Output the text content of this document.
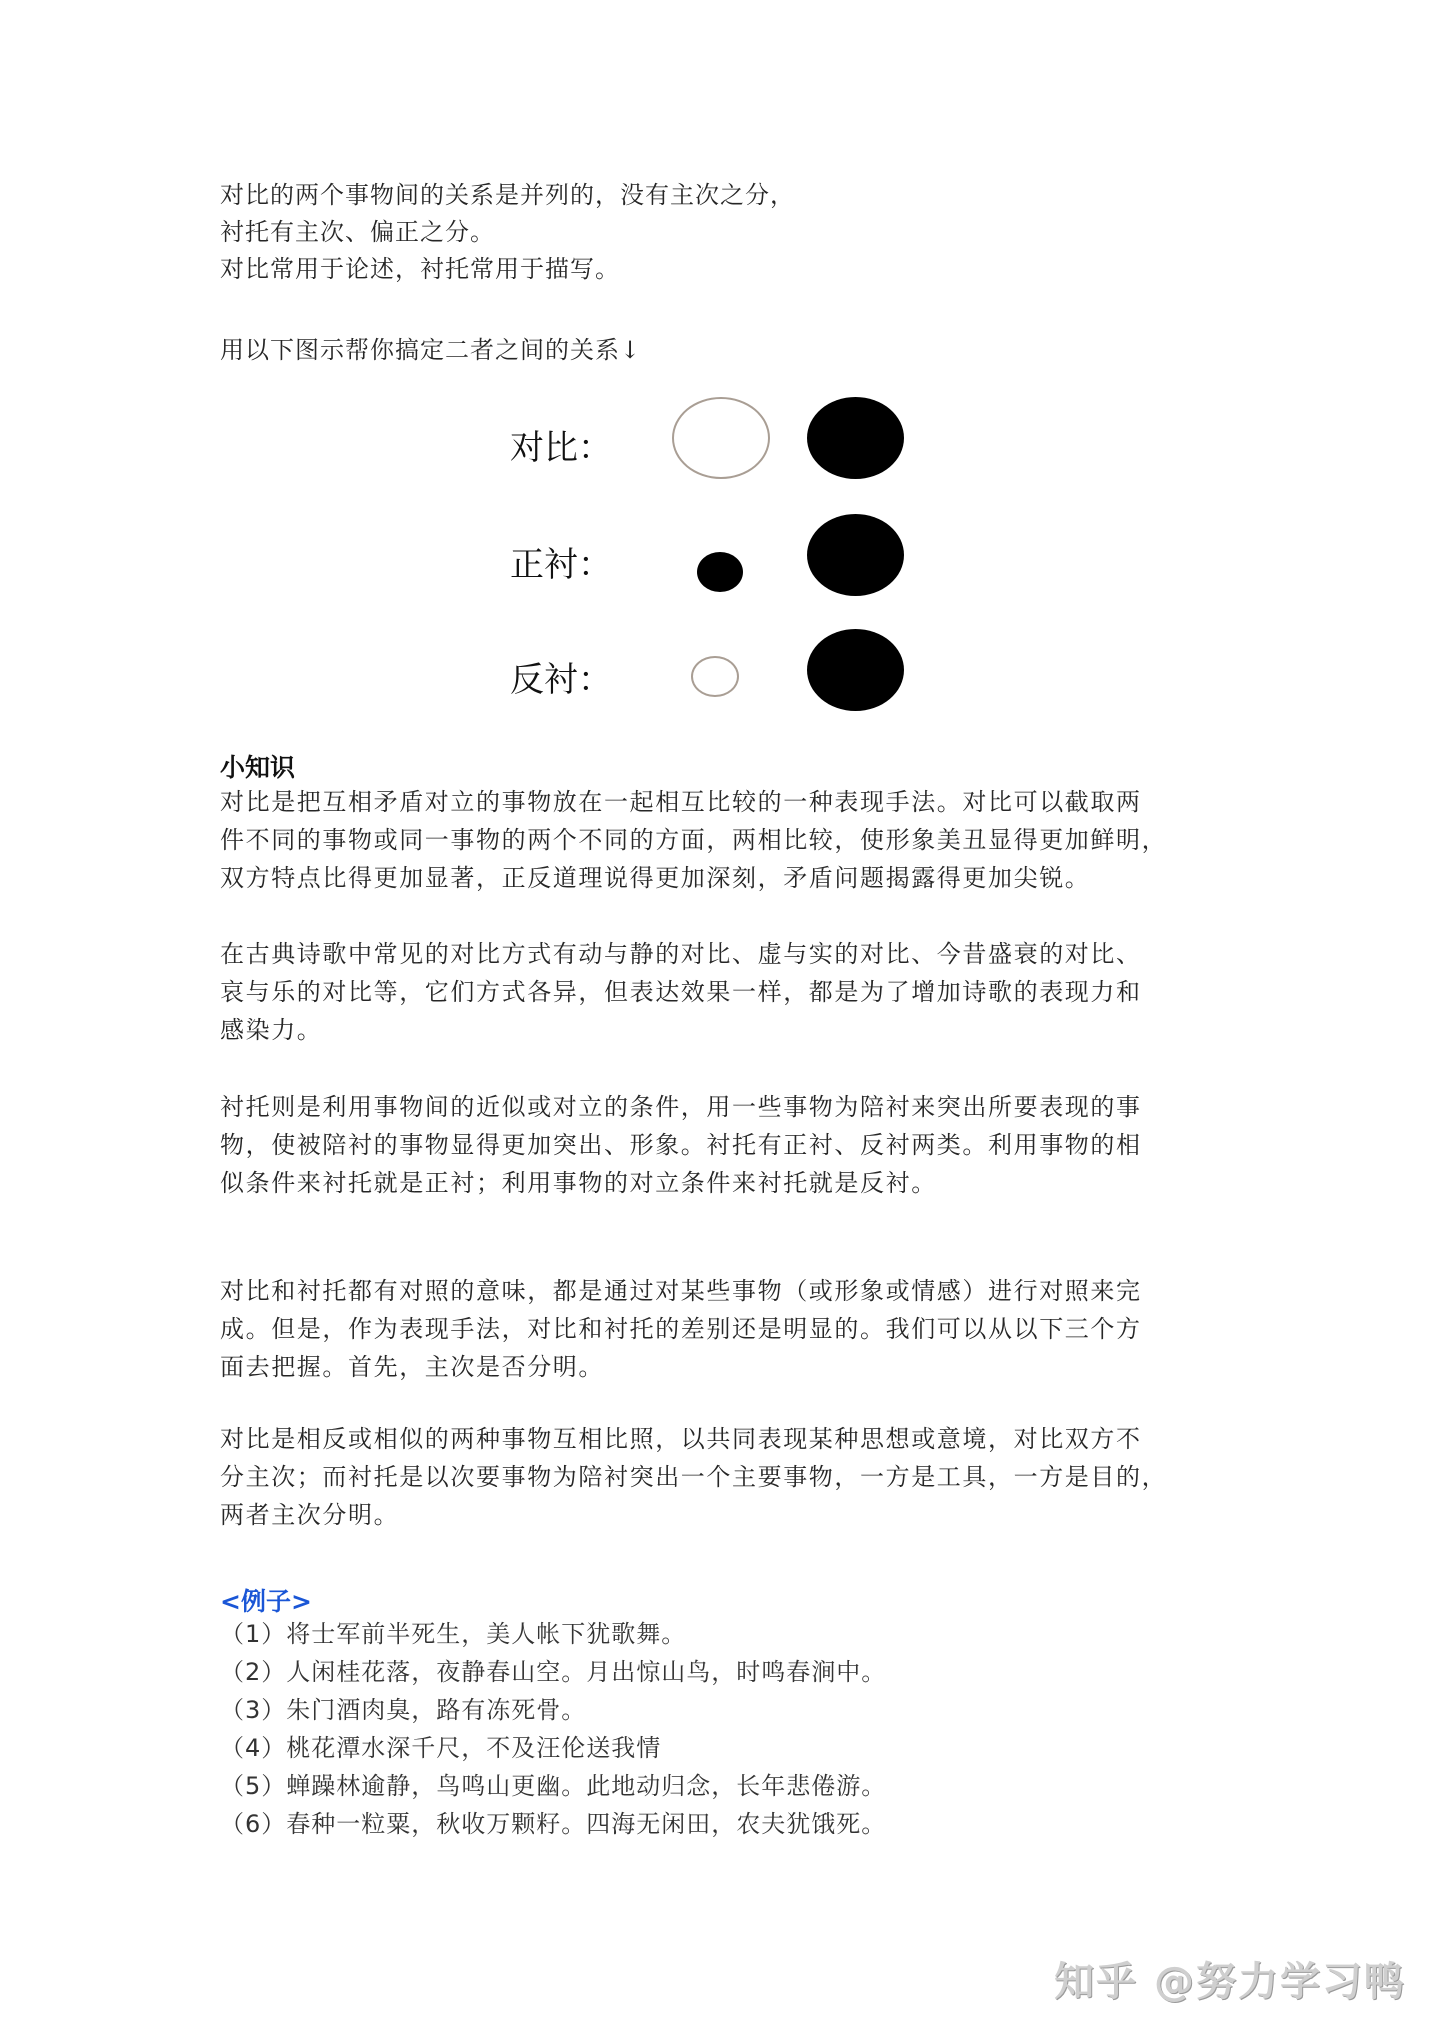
对比的两个事物间的关系是并列的，没有主次之分，
衬托有主次、偏正之分。
对比常用于论述，衬托常用于描写。
用以下图示帮你搞定二者之间的关系↓
对比：
正衬：
反衬：
小知识

对比是把互相矛盾对立的事物放在一起相互比较的一种表现手法。对比可以截取两

件不同的事物或同一事物的两个不同的方面，两相比较，使形象美丑显得更加鲜明，

双方特点比得更加显著，正反道理说得更加深刻，矛盾问题揭露得更加尖锐。

在古典诗歌中常见的对比方式有动与静的对比、虚与实的对比、今昔盛衰的对比、

哀与乐的对比等，它们方式各异，但表达效果一样，都是为了增加诗歌的表现力和

感染力。

衬托则是利用事物间的近似或对立的条件，用一些事物为陪衬来突出所要表现的事

物，使被陪衬的事物显得更加突出、形象。衬托有正衬、反衬两类。利用事物的相

似条件来衬托就是正衬；利用事物的对立条件来衬托就是反衬。

对比和衬托都有对照的意味，都是通过对某些事物（或形象或情感）进行对照来完

成。但是，作为表现手法，对比和衬托的差别还是明显的。我们可以从以下三个方

面去把握。首先，主次是否分明。

对比是相反或相似的两种事物互相比照，以共同表现某种思想或意境，对比双方不

分主次；而衬托是以次要事物为陪衬突出一个主要事物，一方是工具，一方是目的，

两者主次分明。

<例子>
（1）将士军前半死生，美人帐下犹歌舞。
（2）人闲桂花落，夜静春山空。月出惊山鸟，时鸣春涧中。
（3）朱门酒肉臭，路有冻死骨。
（4）桃花潭水深千尺，不及汪伦送我情
（5）蝉躁林逾静，鸟鸣山更幽。此地动归念，长年悲倦游。
（6）春种一粒粟，秋收万颗籽。四海无闲田，农夫犹饿死。
知乎 @努力学习鸭
